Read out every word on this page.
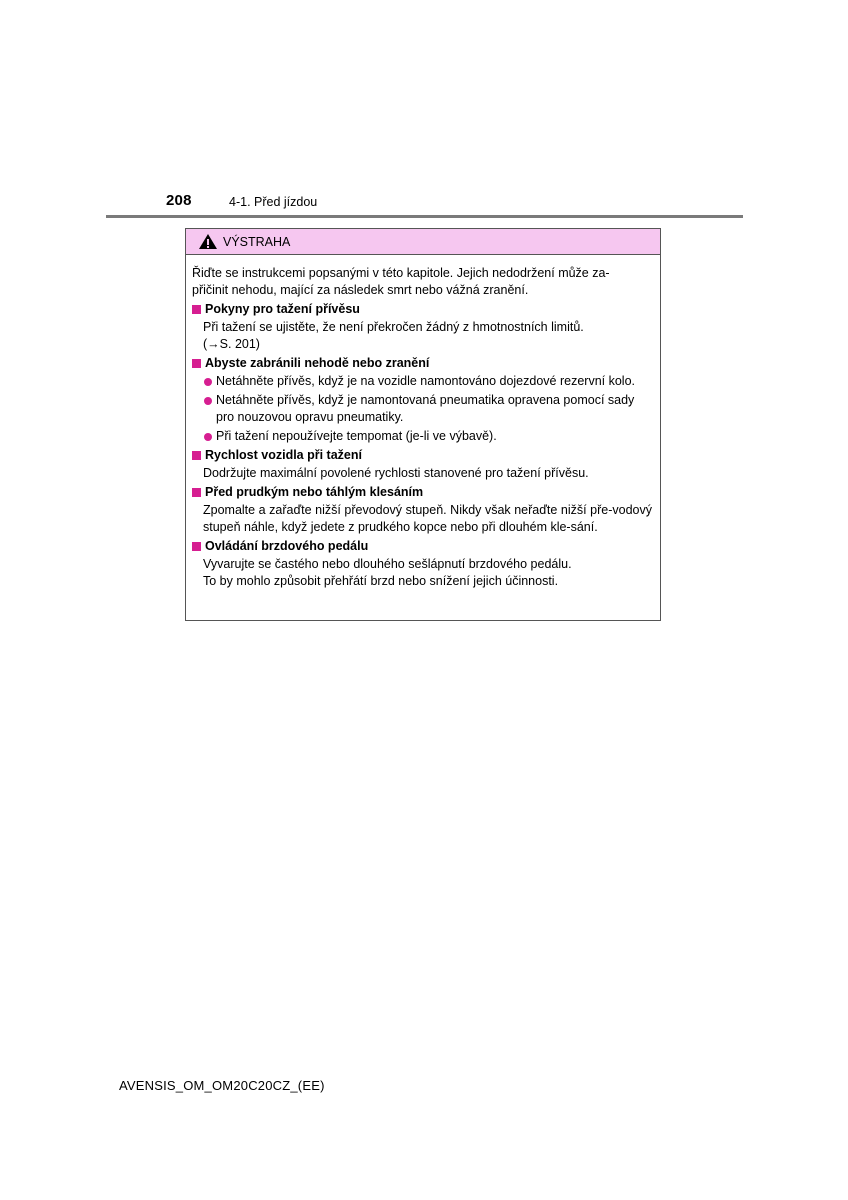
208	4-1. Před jízdou
VÝSTRAHA

Řiďte se instrukcemi popsanými v této kapitole. Jejich nedodržení může za-
přičinit nehodu, mající za následek smrt nebo vážná zranění.

Pokyny pro tažení přívěsu
Při tažení se ujistěte, že není překročen žádný z hmotnostních limitů.
(→S. 201)
Abyste zabránili nehodě nebo zranění
Netáhněte přívěs, když je na vozidle namontováno dojezdové rezervní kolo.
Netáhněte přívěs, když je namontovaná pneumatika opravena pomocí sady pro nouzovou opravu pneumatiky.
Při tažení nepoužívejte tempomat (je-li ve výbavě).
Rychlost vozidla při tažení
Dodržujte maximální povolené rychlosti stanovené pro tažení přívěsu.
Před prudkým nebo táhlým klesáním
Zpomalte a zařaďte nižší převodový stupeň. Nikdy však neřaďte nižší pře-vodový stupeň náhle, když jedete z prudkého kopce nebo při dlouhém kle-sání.
Ovládání brzdového pedálu
Vyvarujte se častého nebo dlouhého sešlápnutí brzdového pedálu.
To by mohlo způsobit přehřátí brzd nebo snížení jejich účinnosti.
AVENSIS_OM_OM20C20CZ_(EE)
